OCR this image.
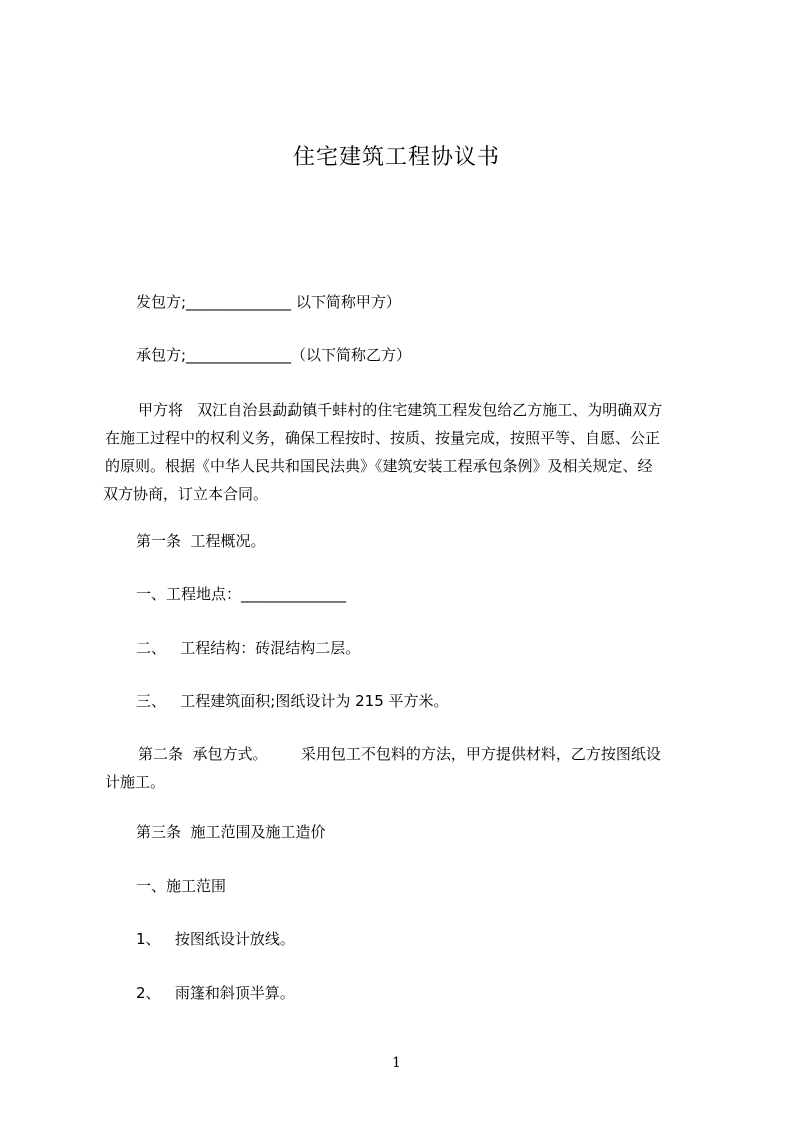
住宅建筑工程协议书
发包方;______________ 以下简称甲方）
承包方;______________（以下简称乙方）
甲方将   双江自治县勐勐镇千蚌村的住宅建筑工程发包给乙方施工、为明确双方
在施工过程中的权利义务，确保工程按时、按质、按量完成，按照平等、自愿、公正
的原则。根据《中华人民共和国民法典》《建筑安装工程承包条例》及相关规定、经
双方协商，订立本合同。
第一条  工程概况。
一、工程地点：______________
二、   工程结构：砖混结构二层。
三、   工程建筑面积;图纸设计为 215 平方米。
第二条  承包方式。       采用包工不包料的方法，甲方提供材料，乙方按图纸设
计施工。
第三条  施工范围及施工造价
一、施工范围
1、   按图纸设计放线。
2、   雨篷和斜顶半算。
1
